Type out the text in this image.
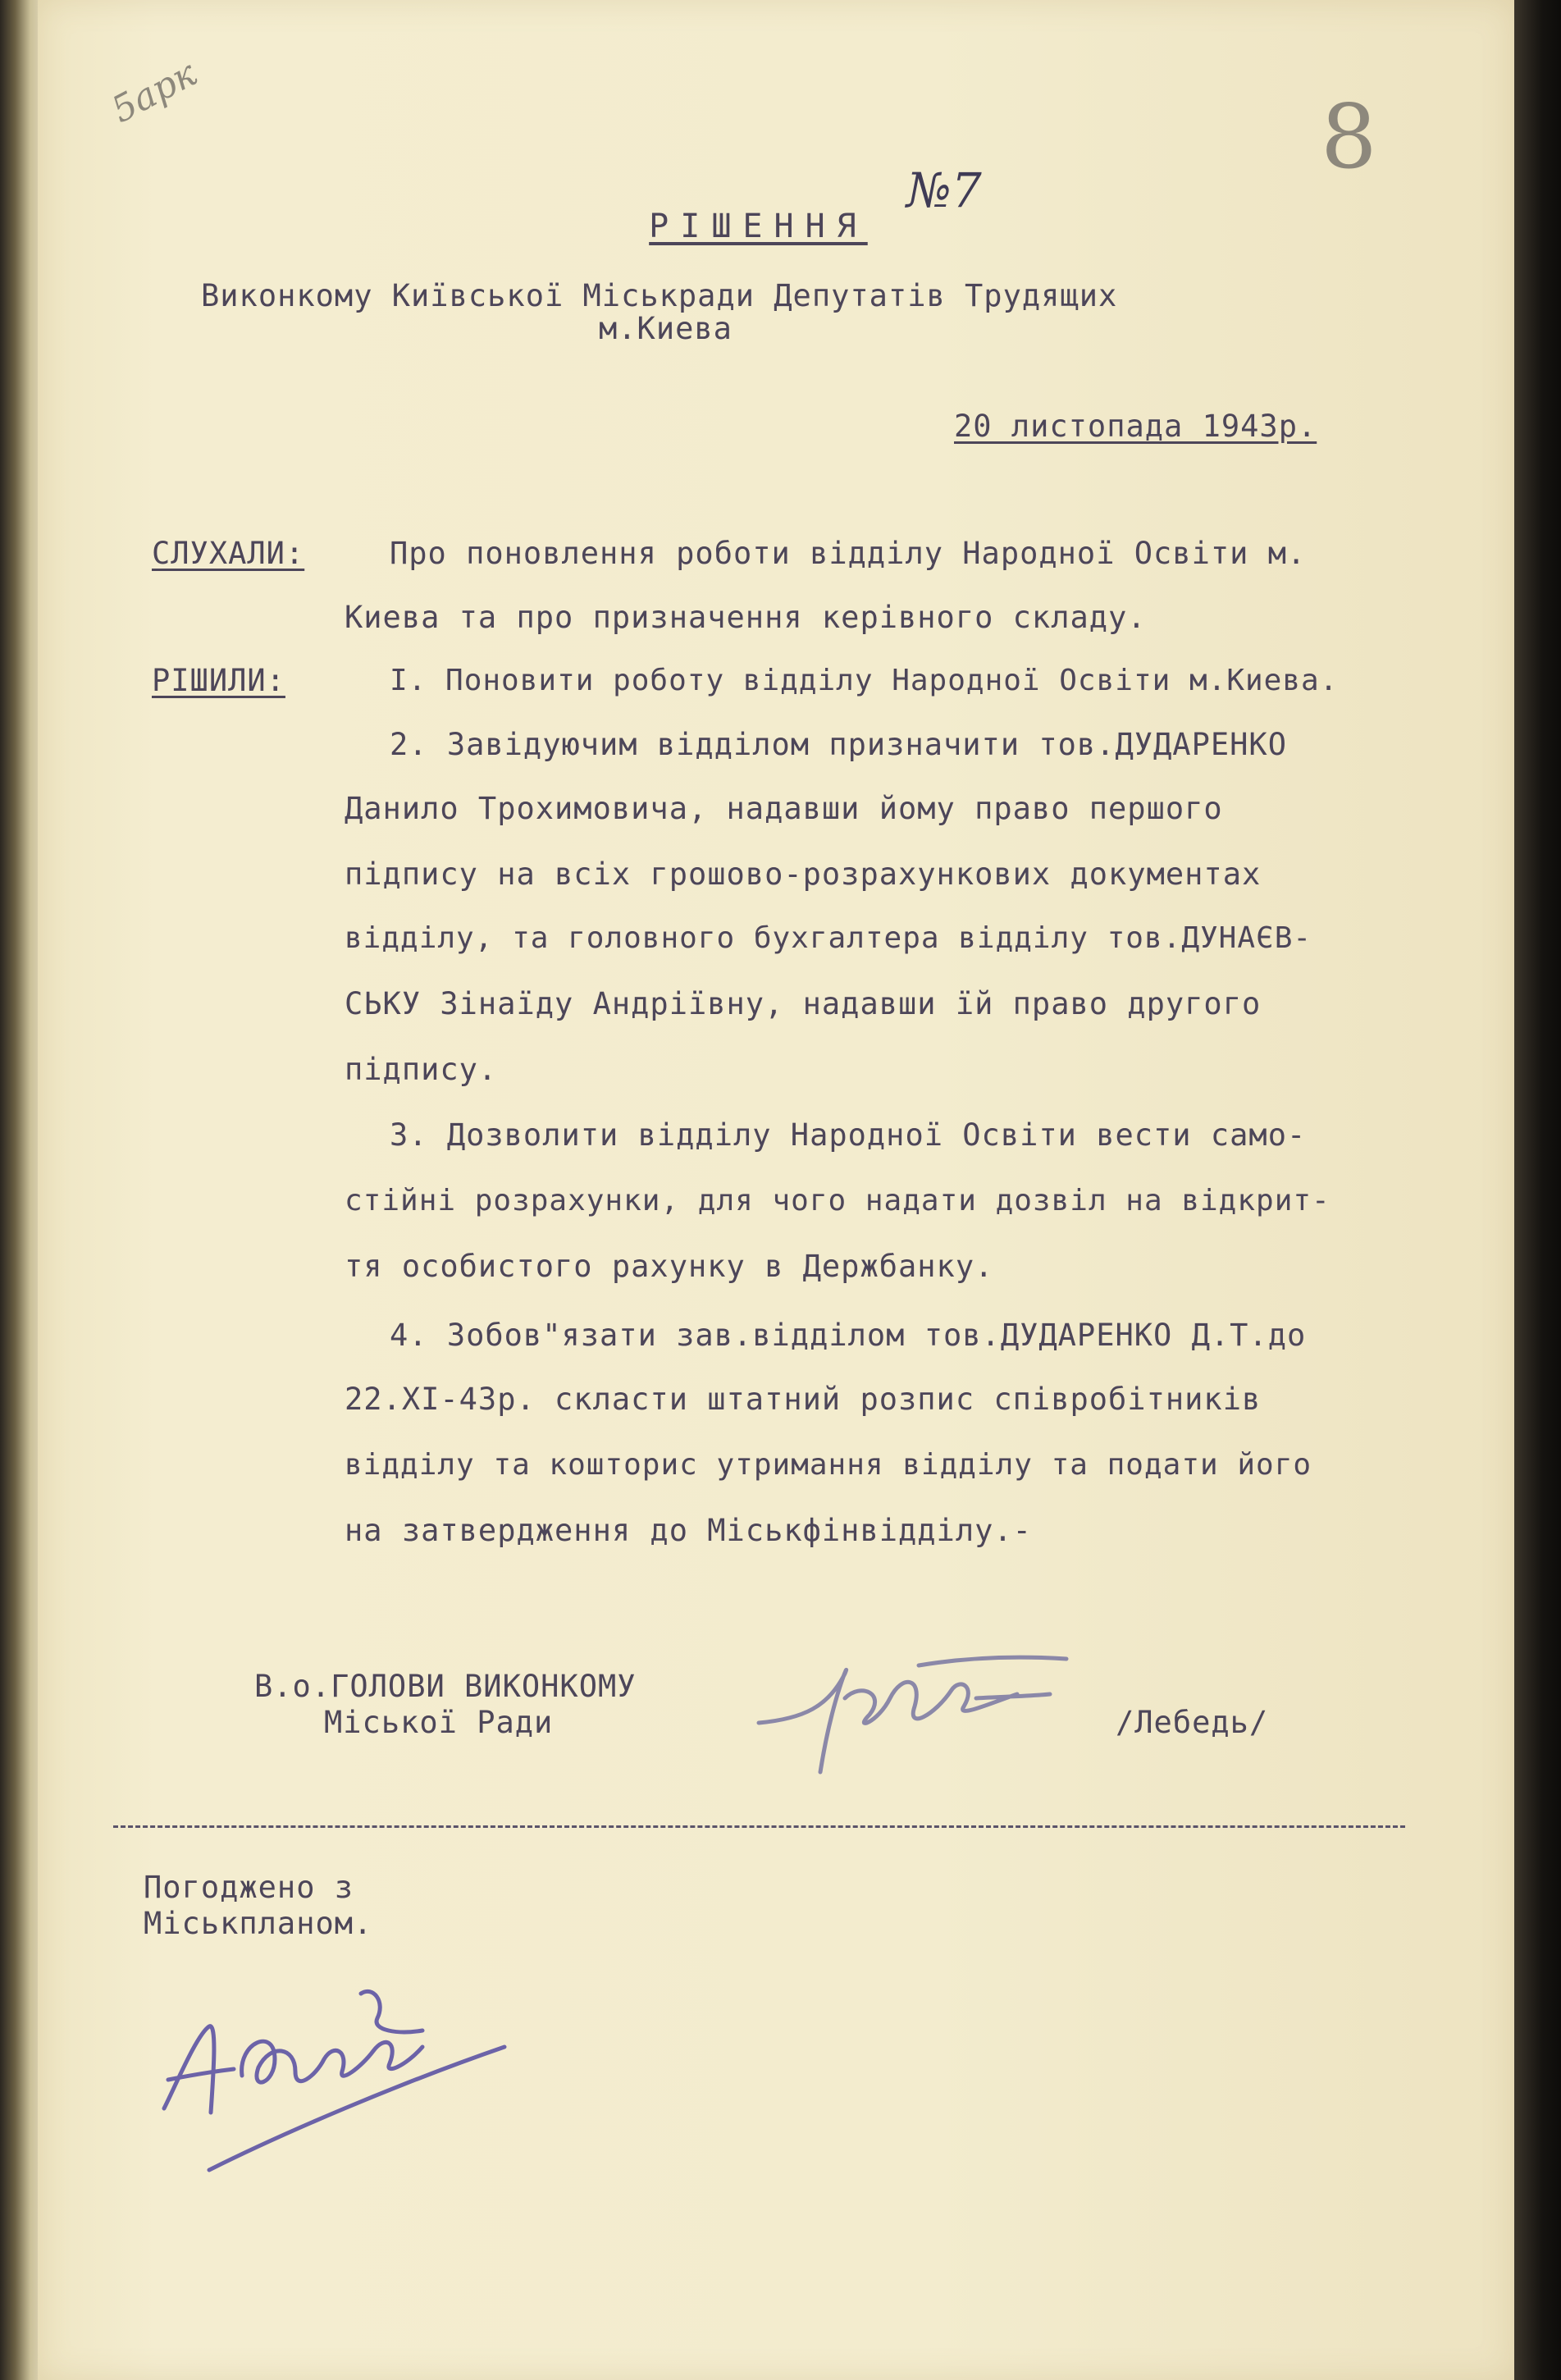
5арк	8

РІШЕННЯ

№7
Виконкому Київської Міськради Депутатів Трудящих
м.Киева
20 листопада 1943р.
СЛУХАЛИ:	Про поновлення роботи відділу Народної Освіти м.
Киева та про призначення керівного складу.
РІШИЛИ:	I. Поновити роботу відділу Народної Освіти м.Киева.
2. Завідуючим відділом призначити тов.ДУДАРЕНКО
Данило Трохимовича, надавши йому право першого
підпису на всіх грошово-розрахункових документах
відділу, та головного бухгалтера відділу тов.ДУНАЄВ-
СЬКУ Зінаїду Андріївну, надавши їй право другого
підпису.
3. Дозволити відділу Народної Освіти вести само-
стійні розрахунки, для чого надати дозвіл на відкрит-
тя особистого рахунку в Держбанку.
4. Зобов"язати зав.відділом тов.ДУДАРЕНКО Д.Т.до
22.XI-43р. скласти штатний розпис співробітників
відділу та кошторис утримання відділу та подати його
на затвердження до Міськфінвідділу.-
В.о.ГОЛОВИ ВИКОНКОМУ
Міської Ради	/Лебедь/
Погоджено з
Міськпланом.
